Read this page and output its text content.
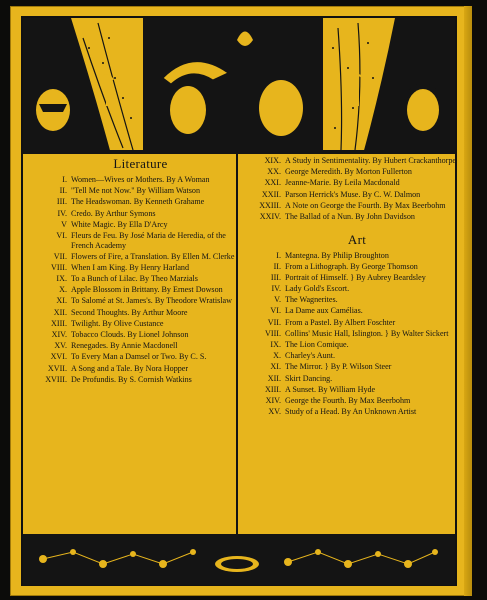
Literature
I. Women—Wives or Mothers. By A Woman
II. "Tell Me not Now." By William Watson
III. The Headswoman. By Kenneth Grahame
IV. Credo. By Arthur Symons
V White Magic. By Ella D'Arcy
VI. Fleurs de Feu. By José Maria de Heredia, of the French Academy
VII. Flowers of Fire, a Translation. By Ellen M. Clerke
VIII. When I am King. By Henry Harland
IX. To a Bunch of Lilac. By Theo Marzials
X. Apple Blossom in Brittany. By Ernest Dowson
XI. To Salomé at St. James's. By Theodore Wratislaw
XII. Second Thoughts. By Arthur Moore
XIII. Twilight. By Olive Custance
XIV. Tobacco Clouds. By Lionel Johnson
XV. Renegades. By Annie Macdonell
XVI. To Every Man a Damsel or Two. By C. S.
XVII. A Song and a Tale. By Nora Hopper
XVIII. De Profundis. By S. Cornish Watkins
XIX. A Study in Sentimentality. By Hubert Crackanthorpe
XX. George Meredith. By Morton Fullerton
XXI. Jeanne-Marie. By Leila Macdonald
XXII. Parson Herrick's Muse. By C. W. Dalmon
XXIII. A Note on George the Fourth. By Max Beerbohm
XXIV. The Ballad of a Nun. By John Davidson
Art
I. Mantegna. By Philip Broughton
II. From a Lithograph. By George Thomson
III. Portrait of Himself. } By Aubrey Beardsley
IV. Lady Gold's Escort.
V. The Wagnerites.
VI. La Dame aux Camélias.
VII. From a Pastel. By Albert Foschter
VIII. Collins' Music Hall, Islington. } By Walter Sickert
IX. The Lion Comique.
X. Charley's Aunt.
XI. The Mirror. } By P. Wilson Steer
XII. Skirt Dancing.
XIII. A Sunset. By William Hyde
XIV. George the Fourth. By Max Beerbohm
XV. Study of a Head. By An Unknown Artist
